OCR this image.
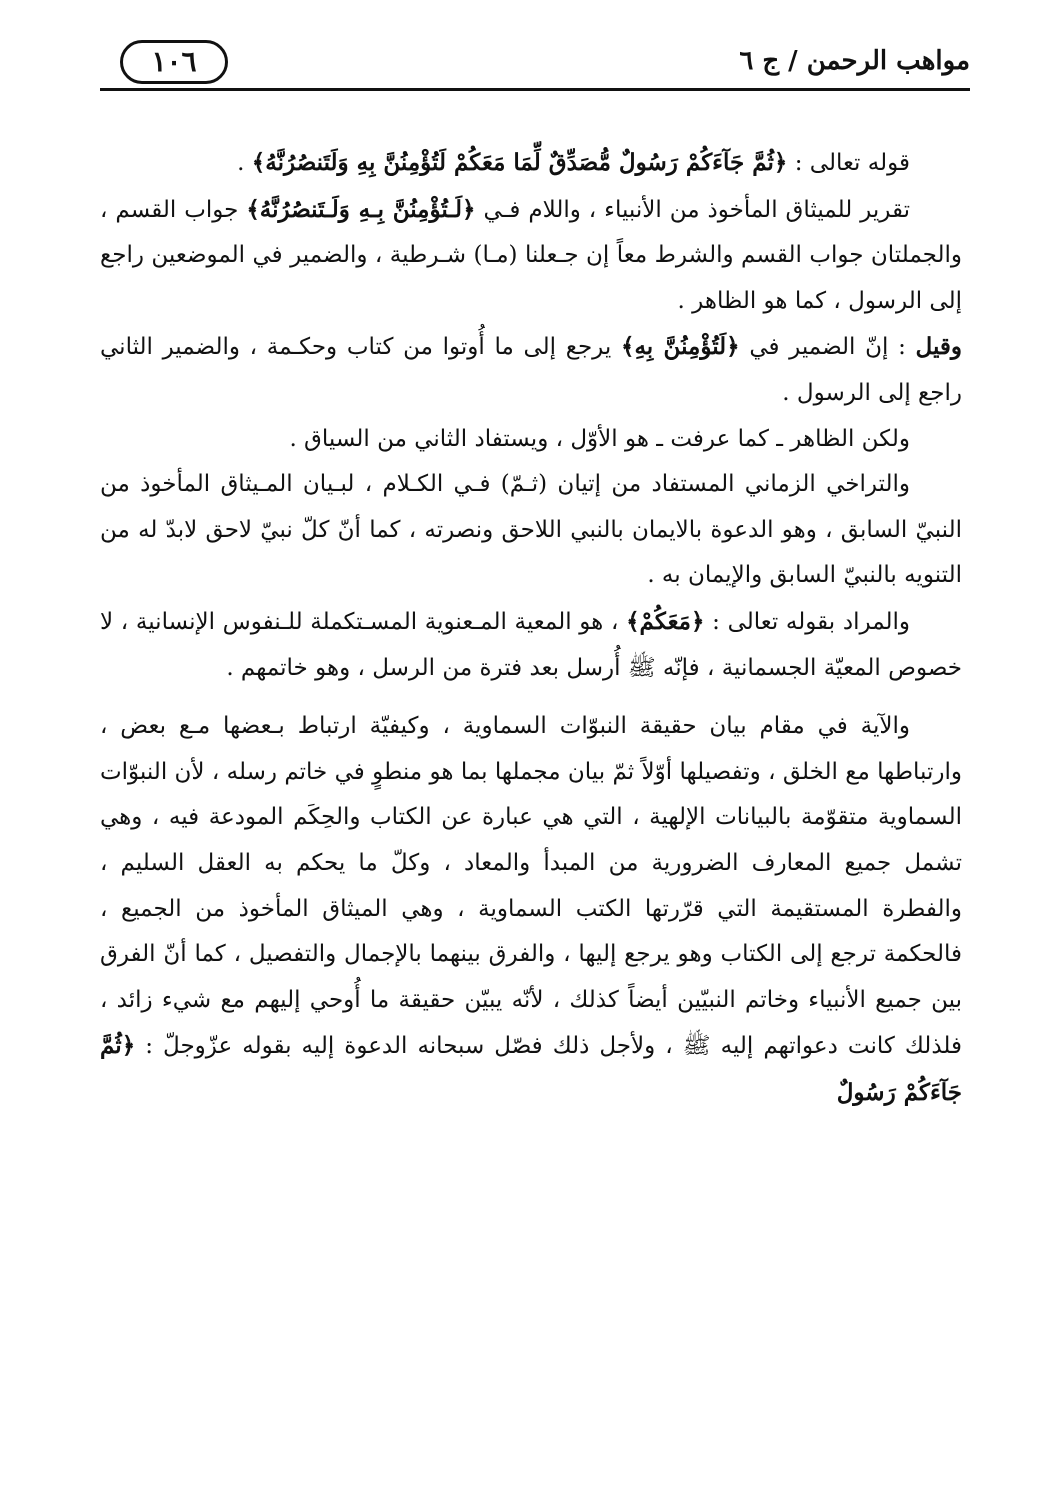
١٠٦	مواهب الرحمن / ج ٦

قوله تعالى : ﴿ثُمَّ جَآءَكُمْ رَسُولٌ مُّصَدِّقٌ لِّمَا مَعَكُمْ لَتُؤْمِنُنَّ بِهِ وَلَتَنصُرُنَّهُ﴾ .

تقرير للميثاق المأخوذ من الأنبياء ، واللام فـي ﴿لَـتُؤْمِنُنَّ بِـهِ وَلَـتَنصُرُنَّهُ﴾ جواب القسم ، والجملتان جواب القسم والشرط معاً إن جـعلنا (مـا) شـرطية ، والضمير في الموضعين راجع إلى الرسول ، كما هو الظاهر .

وقيل : إنّ الضمير في ﴿لَتُؤْمِنُنَّ بِهِ﴾ يرجع إلى ما أُوتوا من كتاب وحكـمة ، والضمير الثاني راجع إلى الرسول .

ولكن الظاهر ـ كما عرفت ـ هو الأوّل ، ويستفاد الثاني من السياق .

والتراخي الزماني المستفاد من إتيان (ثـمّ) فـي الكـلام ، لبـيان المـيثاق المأخوذ من النبيّ السابق ، وهو الدعوة بالايمان بالنبي اللاحق ونصرته ، كما أنّ كلّ نبيّ لاحق لابدّ له من التنويه بالنبيّ السابق والإيمان به .

والمراد بقوله تعالى : ﴿مَعَكُمْ﴾ ، هو المعية المـعنوية المسـتكملة للـنفوس الإنسانية ، لا خصوص المعيّة الجسمانية ، فإنّه ﷺ أُرسل بعد فترة من الرسل ، وهو خاتمهم .

والآية في مقام بيان حقيقة النبوّات السماوية ، وكيفيّة ارتباط بـعضها مـع بعض ، وارتباطها مع الخلق ، وتفصيلها أوّلاً ثمّ بيان مجملها بما هو منطوٍ في خاتم رسله ، لأن النبوّات السماوية متقوّمة بالبيانات الإلهية ، التي هي عبارة عن الكتاب والحِكَم المودعة فيه ، وهي تشمل جميع المعارف الضرورية من المبدأ والمعاد ، وكلّ ما يحكم به العقل السليم ، والفطرة المستقيمة التي قرّرتها الكتب السماوية ، وهي الميثاق المأخوذ من الجميع ، فالحكمة ترجع إلى الكتاب وهو يرجع إليها ، والفرق بينهما بالإجمال والتفصيل ، كما أنّ الفرق بين جميع الأنبياء وخاتم النبيّين أيضاً كذلك ، لأنّه يبيّن حقيقة ما أُوحي إليهم مع شيء زائد ، فلذلك كانت دعواتهم إليه ﷺ ، ولأجل ذلك فصّل سبحانه الدعوة إليه بقوله عزّوجلّ : ﴿ثُمَّ جَآءَكُمْ رَسُولٌ
